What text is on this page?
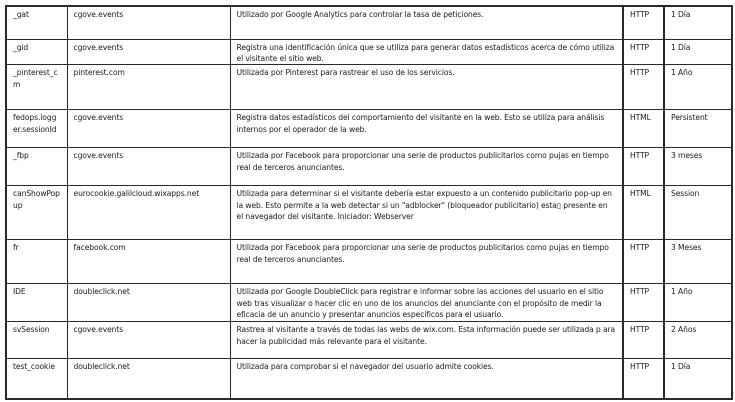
_gat	cgove.events	Utilizado por Google Analytics para controlar la tasa de peticiones.	HTTP	1 Día
_gid	cgove.events	Registra una identificación única que se utiliza para generar datos estadísticos acerca de cómo utiliza el visitante el sitio web.	HTTP	1 Día
_pinterest_cm	pinterest.com	Utilizada por Pinterest para rastrear el uso de los servicios.	HTTP	1 Año
fedops.logger.sessionId	cgove.events	Registra datos estadísticos del comportamiento del visitante en la web. Esto se utiliza para análisis internos por el operador de la web.	HTML	Persistent
_fbp	cgove.events	Utilizada por Facebook para proporcionar una serie de productos publicitarios como pujas en tiempo real de terceros anunciantes.	HTTP	3 meses
canShowPopup	eurocookie.galilcloud.wixapps.net	Utilizada para determinar si el visitante debería estar expuesto a un contenido publicitario pop-up en la web. Esto permite a la web detectar si un "adblocker" (bloqueador publicitario) esta▯ presente en el navegador del visitante. Iniciador: Webserver	HTML	Session
fr	facebook.com	Utilizada por Facebook para proporcionar una serie de productos publicitarios como pujas en tiempo real de terceros anunciantes.	HTTP	3 Meses
IDE	doubleclick.net	Utilizada por Google DoubleClick para registrar e informar sobre las acciones del usuario en el sitio web tras visualizar o hacer clic en uno de los anuncios del anunciante con el propósito de medir la eficacia de un anuncio y presentar anuncios específicos para el usuario.	HTTP	1 Año
svSession	cgove.events	Rastrea al visitante a través de todas las webs de wix.com. Esta información puede ser utilizada p ara hacer la publicidad más relevante para el visitante.	HTTP	2 Años
test_cookie	doubleclick.net	Utilizada para comprobar si el navegador del usuario admite cookies.	HTTP	1 Día
